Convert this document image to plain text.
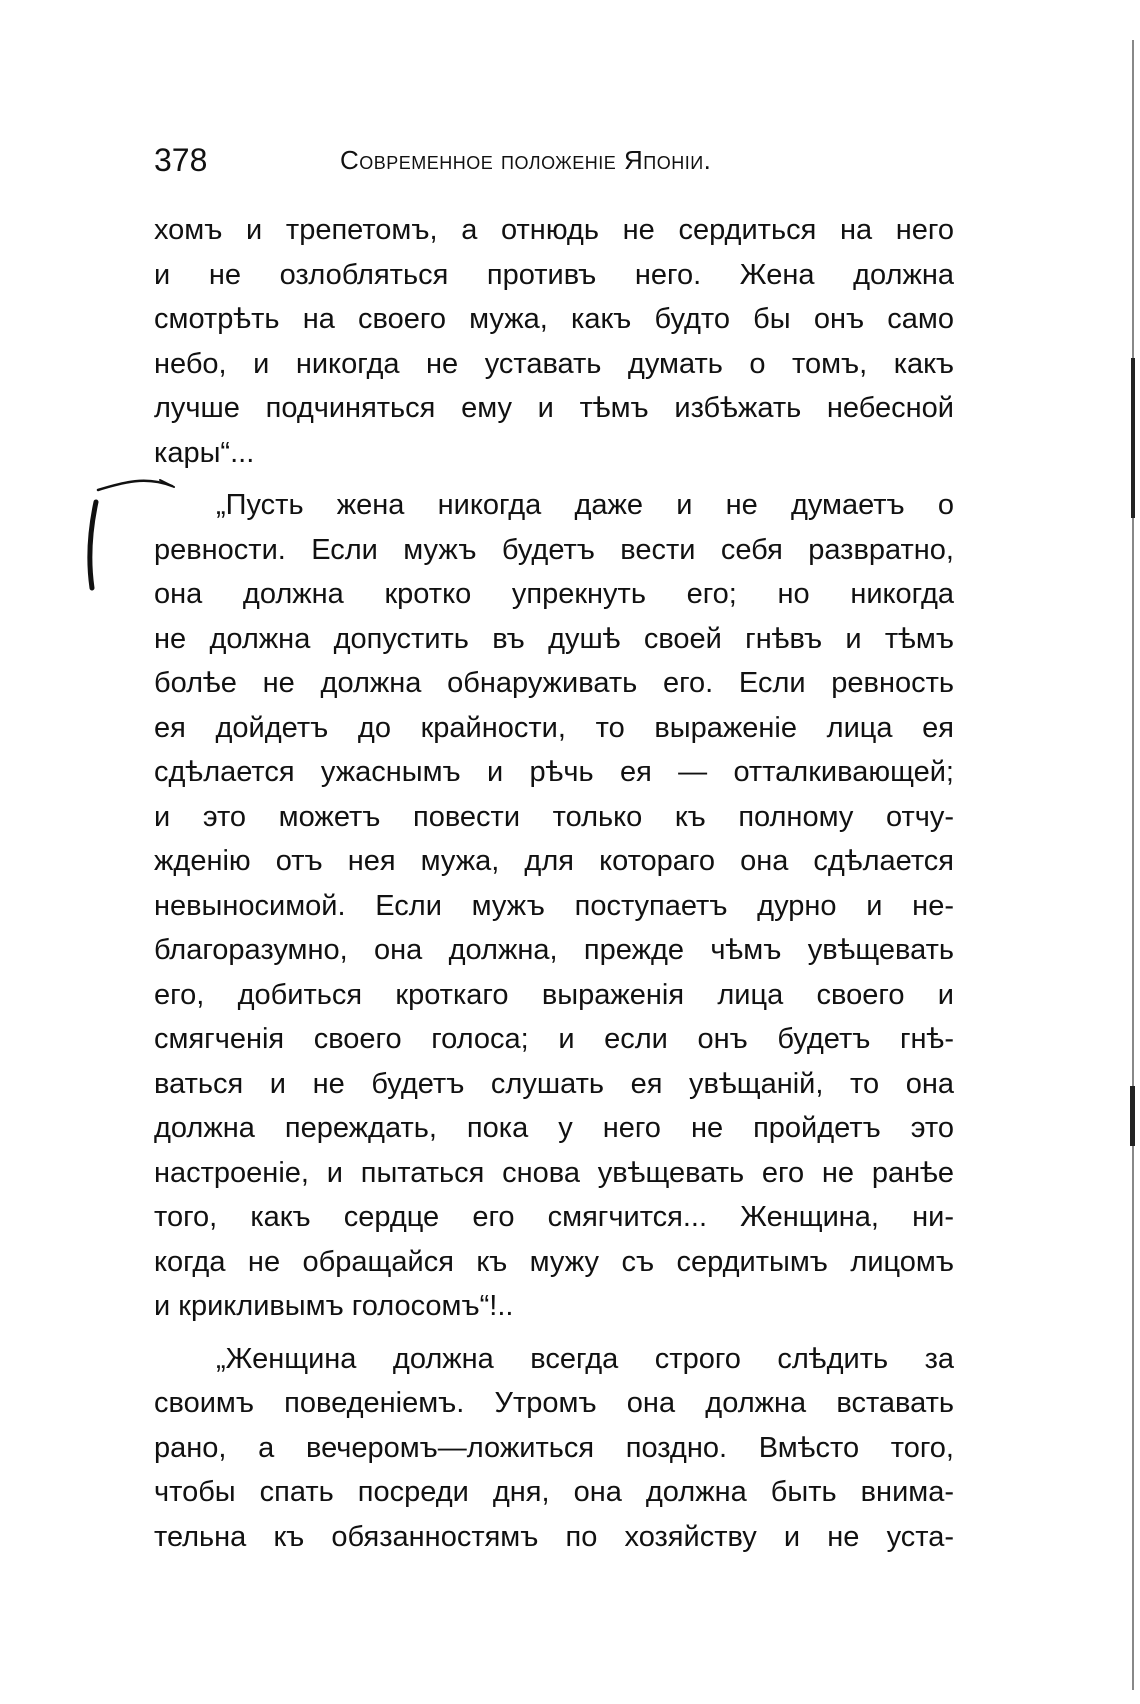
378	Современное положеніе Японіи.
хомъ и трепетомъ, а отнюдь не сердиться на него
и не озлобляться противъ него. Жена должна
смотрѣть на своего мужа, какъ будто бы онъ само
небо, и никогда не уставать думать о томъ, какъ
лучше подчиняться ему и тѣмъ избѣжать небесной
кары“...
„Пусть жена никогда даже и не думаетъ о
ревности. Если мужъ будетъ вести себя развратно,
она должна кротко упрекнуть его; но никогда
не должна допустить въ душѣ своей гнѣвъ и тѣмъ
болѣе не должна обнаруживать его. Если ревность
ея дойдетъ до крайности, то выраженіе лица ея
сдѣлается ужаснымъ и рѣчь ея — отталкивающей;
и это можетъ повести только къ полному отчу-
жденію отъ нея мужа, для котораго она сдѣлается
невыносимой. Если мужъ поступаетъ дурно и не-
благоразумно, она должна, прежде чѣмъ увѣщевать
его, добиться кроткаго выраженія лица своего и
смягченія своего голоса; и если онъ будетъ гнѣ-
ваться и не будетъ слушать ея увѣщаній, то она
должна переждать, пока у него не пройдетъ это
настроеніе, и пытаться снова увѣщевать его не ранѣе
того, какъ сердце его смягчится... Женщина, ни-
когда не обращайся къ мужу съ сердитымъ лицомъ
и крикливымъ голосомъ“!..
„Женщина должна всегда строго слѣдить за
своимъ поведеніемъ. Утромъ она должна вставать
рано, а вечеромъ—ложиться поздно. Вмѣсто того,
чтобы спать посреди дня, она должна быть внима-
тельна къ обязанностямъ по хозяйству и не уста-
